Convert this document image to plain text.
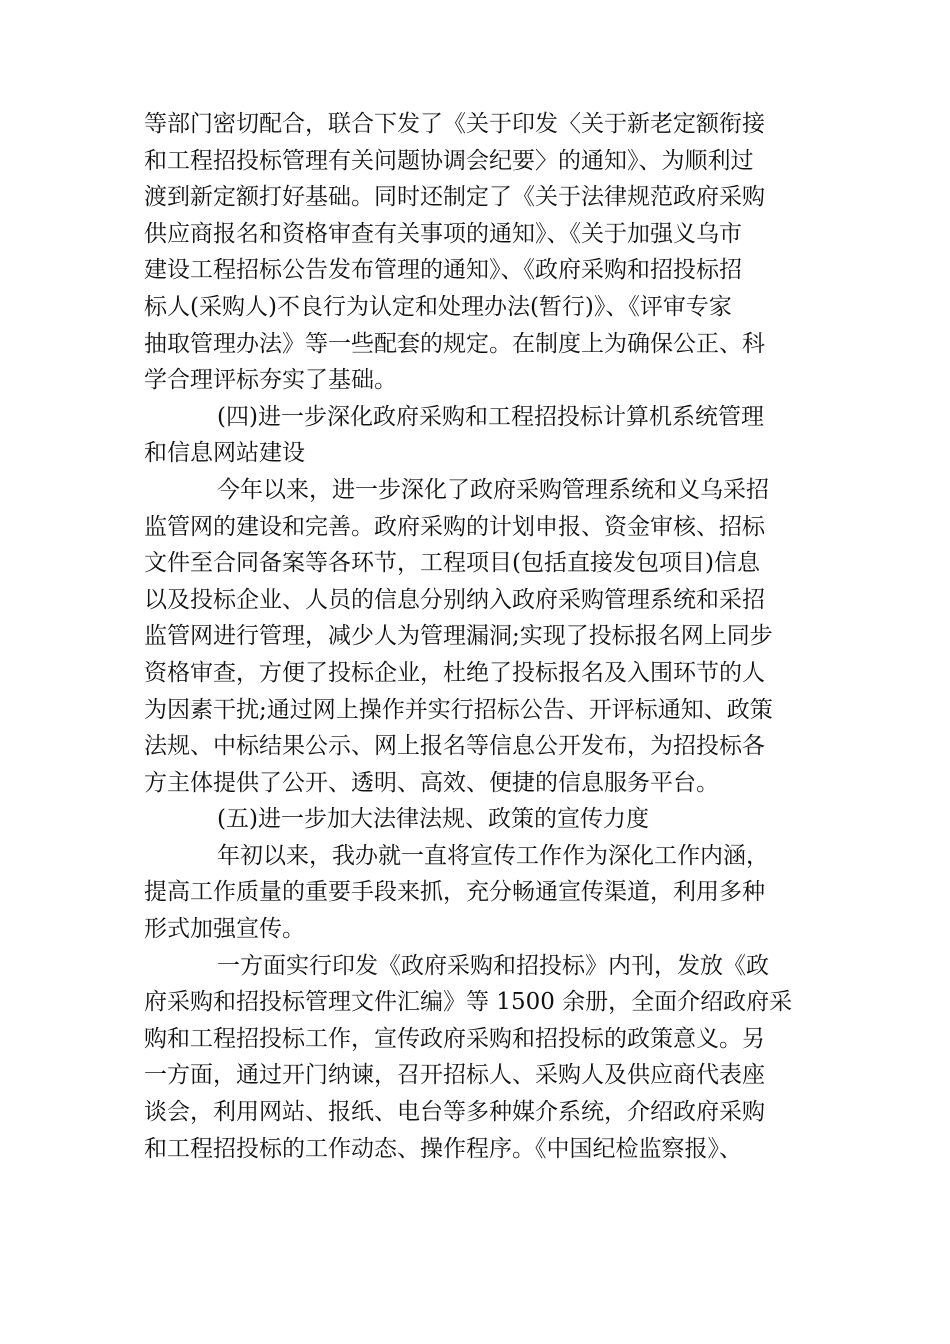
等部门密切配合，联合下发了《关于印发〈关于新老定额衔接
和工程招投标管理有关问题协调会纪要〉的通知》、为顺利过
渡到新定额打好基础。同时还制定了《关于法律规范政府采购
供应商报名和资格审查有关事项的通知》、《关于加强义乌市
建设工程招标公告发布管理的通知》、《政府采购和招投标招
标人(采购人)不良行为认定和处理办法(暂行)》、《评审专家
抽取管理办法》等一些配套的规定。在制度上为确保公正、科
学合理评标夯实了基础。
(四)进一步深化政府采购和工程招投标计算机系统管理
和信息网站建设
今年以来，进一步深化了政府采购管理系统和义乌采招
监管网的建设和完善。政府采购的计划申报、资金审核、招标
文件至合同备案等各环节，工程项目(包括直接发包项目)信息
以及投标企业、人员的信息分别纳入政府采购管理系统和采招
监管网进行管理，减少人为管理漏洞;实现了投标报名网上同步
资格审查，方便了投标企业，杜绝了投标报名及入围环节的人
为因素干扰;通过网上操作并实行招标公告、开评标通知、政策
法规、中标结果公示、网上报名等信息公开发布，为招投标各
方主体提供了公开、透明、高效、便捷的信息服务平台。
(五)进一步加大法律法规、政策的宣传力度
年初以来，我办就一直将宣传工作作为深化工作内涵，
提高工作质量的重要手段来抓，充分畅通宣传渠道，利用多种
形式加强宣传。
一方面实行印发《政府采购和招投标》内刊，发放《政
府采购和招投标管理文件汇编》等 1500 余册，全面介绍政府采
购和工程招投标工作，宣传政府采购和招投标的政策意义。另
一方面，通过开门纳谏，召开招标人、采购人及供应商代表座
谈会，利用网站、报纸、电台等多种媒介系统，介绍政府采购
和工程招投标的工作动态、操作程序。《中国纪检监察报》、
